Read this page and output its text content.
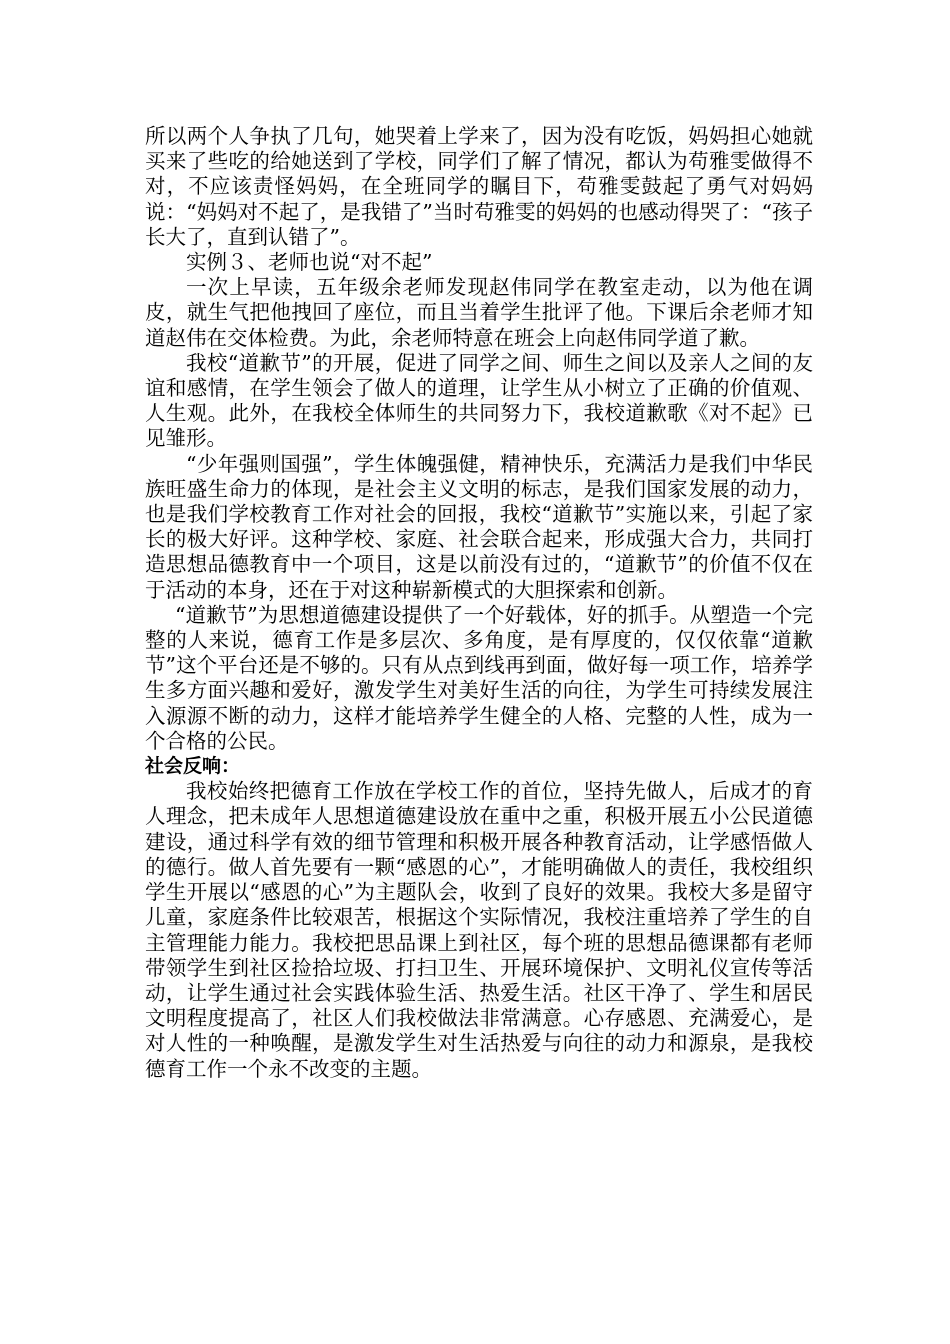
所以两个人争执了几句，她哭着上学来了，因为没有吃饭，妈妈担心她就买来了些吃的给她送到了学校，同学们了解了情况，都认为苟雅雯做得不对，不应该责怪妈妈，在全班同学的瞩目下，苟雅雯鼓起了勇气对妈妈说：“妈妈对不起了，是我错了”当时苟雅雯的妈妈的也感动得哭了：“孩子长大了，直到认错了”。

实例３、老师也说“对不起”

一次上早读，五年级余老师发现赵伟同学在教室走动，以为他在调皮，就生气把他拽回了座位，而且当着学生批评了他。下课后余老师才知道赵伟在交体检费。为此，余老师特意在班会上向赵伟同学道了歉。

我校“道歉节”的开展，促进了同学之间、师生之间以及亲人之间的友谊和感情，在学生领会了做人的道理，让学生从小树立了正确的价值观、人生观。此外，在我校全体师生的共同努力下，我校道歉歌《对不起》已见雏形。

“少年强则国强”，学生体魄强健，精神快乐，充满活力是我们中华民族旺盛生命力的体现，是社会主义文明的标志，是我们国家发展的动力，也是我们学校教育工作对社会的回报，我校“道歉节”实施以来，引起了家长的极大好评。这种学校、家庭、社会联合起来，形成强大合力，共同打造思想品德教育中一个项目，这是以前没有过的，“道歉节”的价值不仅在于活动的本身，还在于对这种崭新模式的大胆探索和创新。

“道歉节”为思想道德建设提供了一个好载体，好的抓手。从塑造一个完整的人来说，德育工作是多层次、多角度，是有厚度的，仅仅依靠“道歉节”这个平台还是不够的。只有从点到线再到面，做好每一项工作，培养学生多方面兴趣和爱好，激发学生对美好生活的向往，为学生可持续发展注入源源不断的动力，这样才能培养学生健全的人格、完整的人性，成为一个合格的公民。

社会反响：

我校始终把德育工作放在学校工作的首位，坚持先做人，后成才的育人理念，把未成年人思想道德建设放在重中之重，积极开展五小公民道德建设，通过科学有效的细节管理和积极开展各种教育活动，让学感悟做人的德行。做人首先要有一颗“感恩的心”，才能明确做人的责任，我校组织学生开展以“感恩的心”为主题队会，收到了良好的效果。我校大多是留守儿童，家庭条件比较艰苦，根据这个实际情况，我校注重培养了学生的自主管理能力能力。我校把思品课上到社区，每个班的思想品德课都有老师带领学生到社区捡拾垃圾、打扫卫生、开展环境保护、文明礼仪宣传等活动，让学生通过社会实践体验生活、热爱生活。社区干净了、学生和居民文明程度提高了，社区人们我校做法非常满意。心存感恩、充满爱心，是对人性的一种唤醒，是激发学生对生活热爱与向往的动力和源泉，是我校德育工作一个永不改变的主题。
